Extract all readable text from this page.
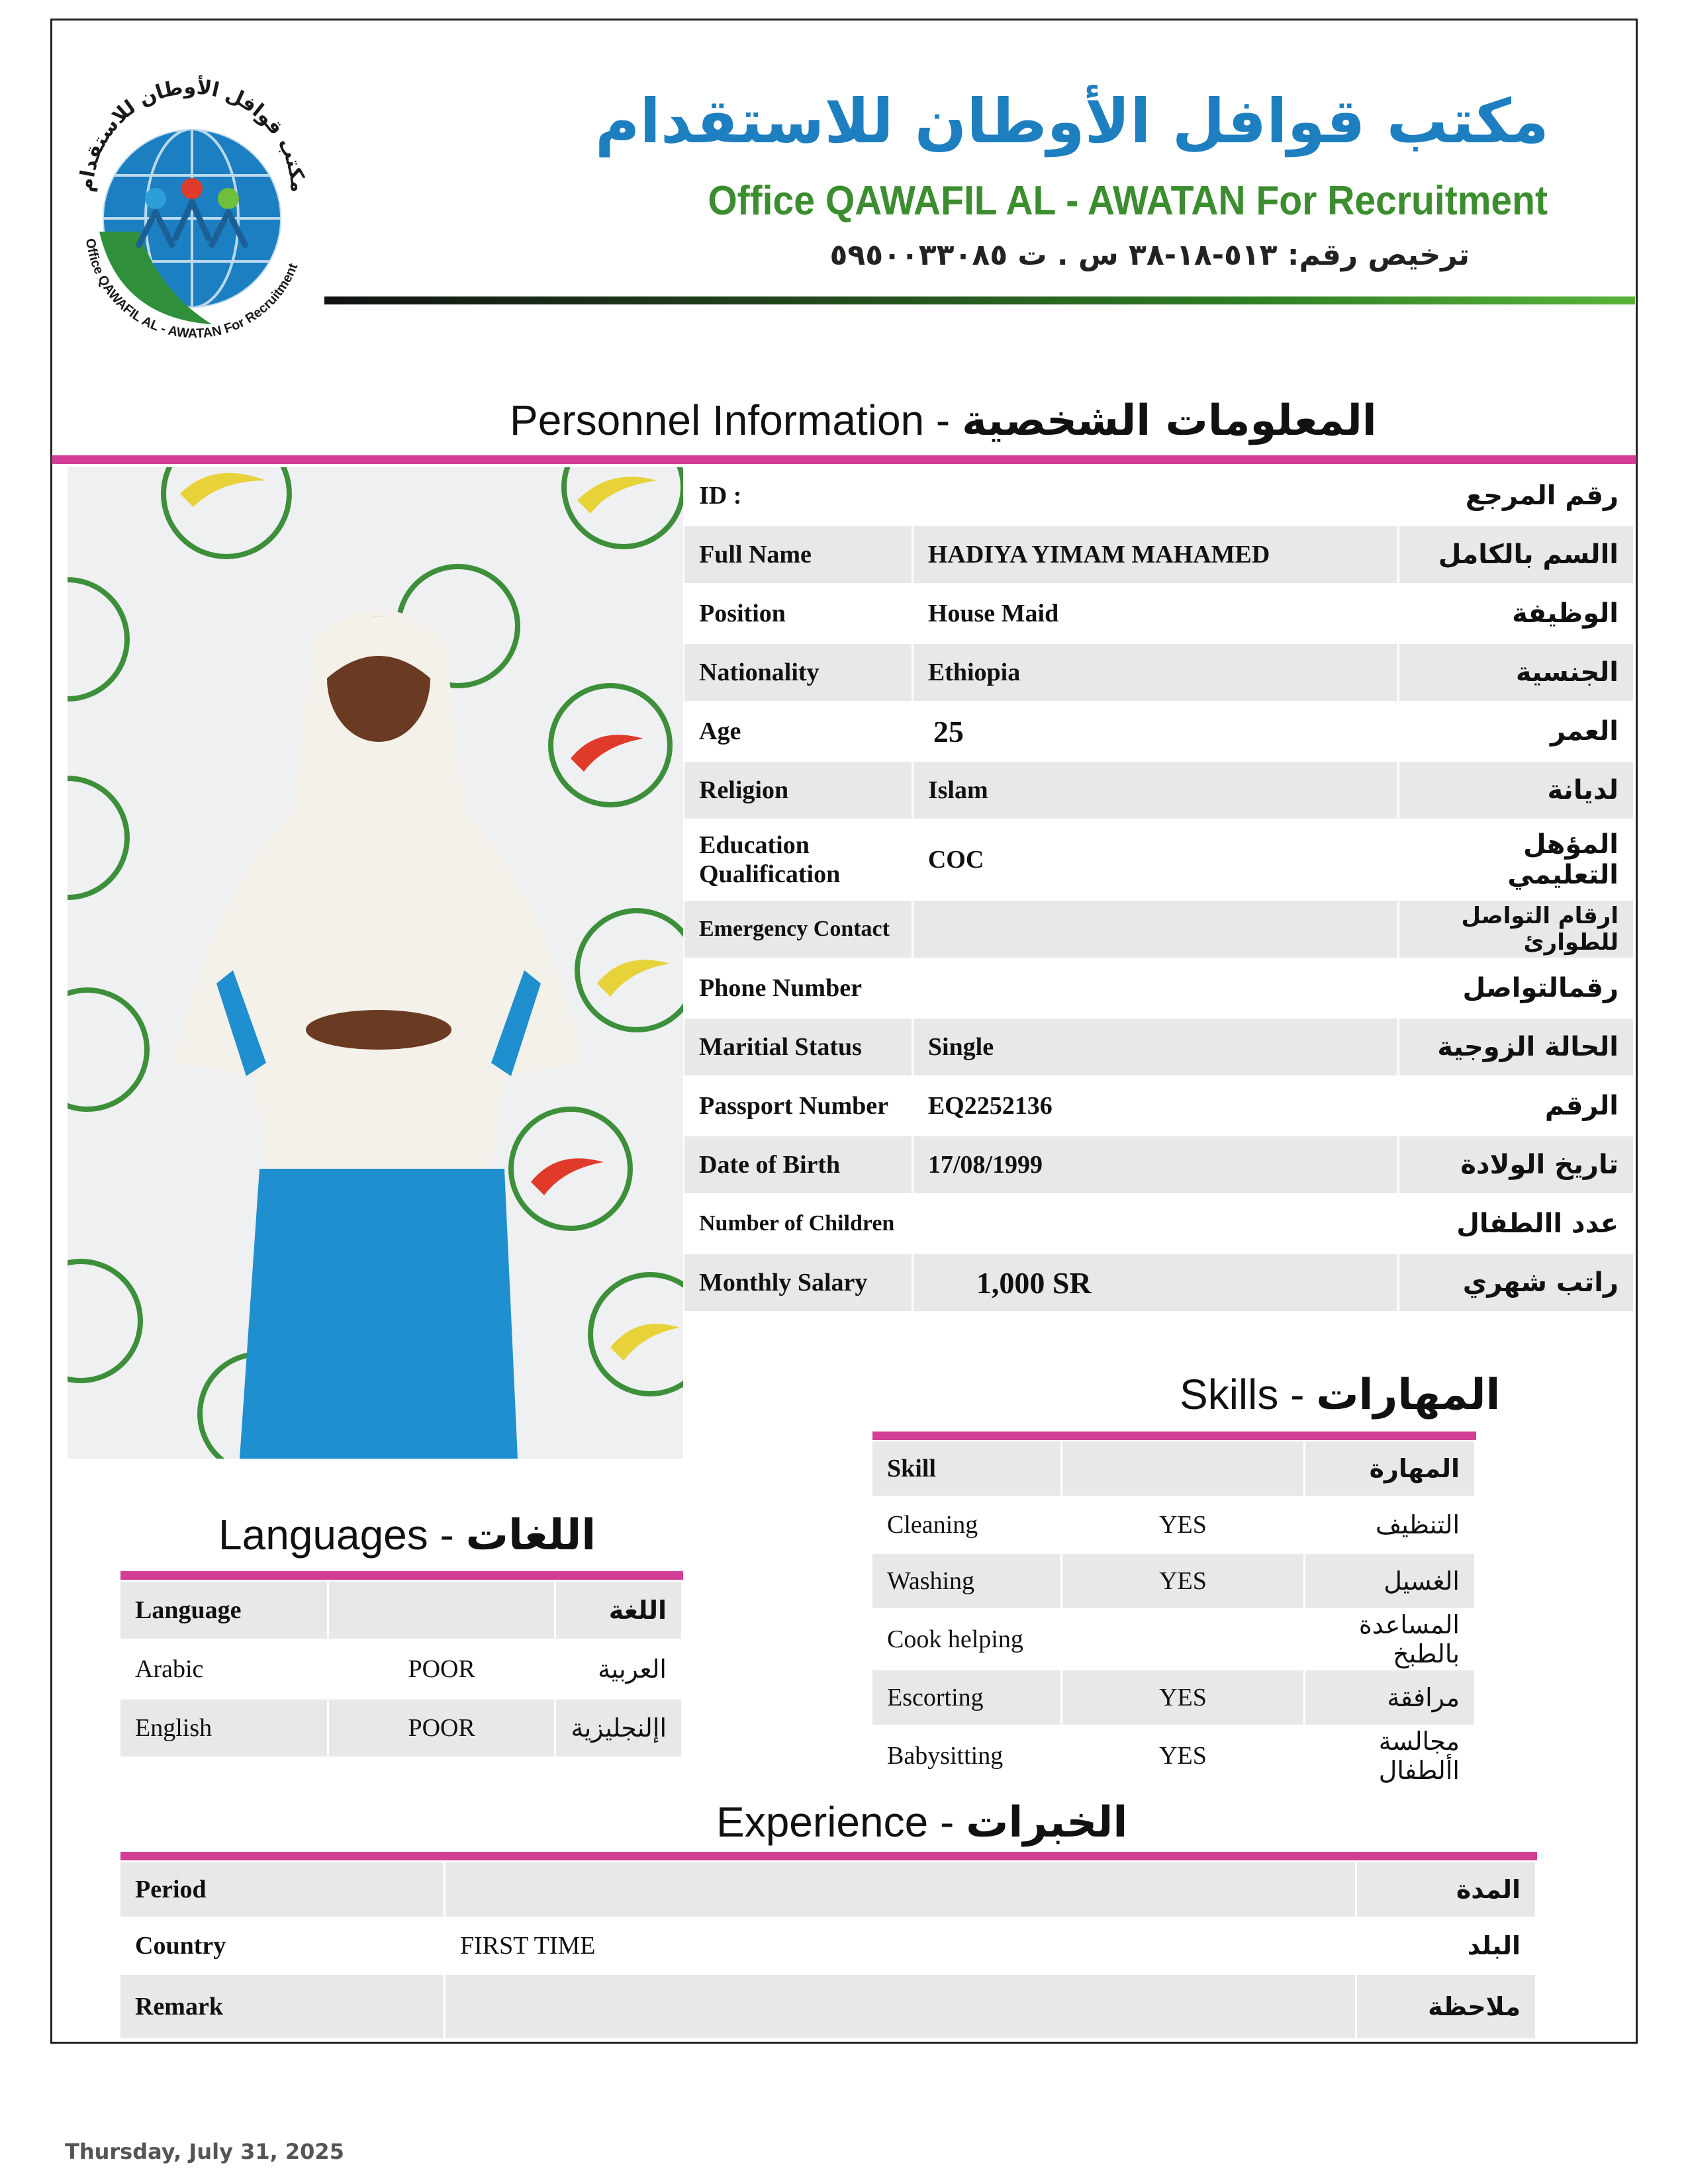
مكتب قوافل الأوطان للاستقدام
Office QAWAFIL AL - AWATAN For Recruitment
مكتب قوافل الأوطان للاستقدام
Office QAWAFIL AL - AWATAN For Recruitment
ترخيص رقم: ٥١٣-١٨-٣٨ س . ت ٥٩٥٠٠٣٣٠٨٥
Personnel Information - المعلومات الشخصية
ID :		رقم المرجع
Full Name	HADIYA YIMAM MAHAMED	االسم بالكامل
Position	House Maid	الوظيفة
Nationality	Ethiopia	الجنسية
Age	25	العمر
Religion	Islam	لديانة
Education Qualification	COC	المؤهل التعليمي
Emergency Contact		ارقام التواصل للطوارئ
Phone Number		رقمالتواصل
Maritial Status	Single	الحالة الزوجية
Passport Number	EQ2252136	الرقم
Date of Birth	17/08/1999	تاريخ الولادة
Number of Children		عدد االطفال
Monthly Salary	1,000 SR	راتب شهري
Skills - المهارات
Skill		المهارة
Cleaning	YES	التنظيف
Washing	YES	الغسيل
Cook helping		المساعدة بالطبخ
Escorting	YES	مرافقة
Babysitting	YES	مجالسة األطفال
Languages - اللغات
Language		اللغة
Arabic	POOR	العربية
English	POOR	اإلنجليزية
Experience - الخبرات
Period		المدة
Country	FIRST TIME	البلد
Remark		ملاحظة
Thursday, July 31, 2025
